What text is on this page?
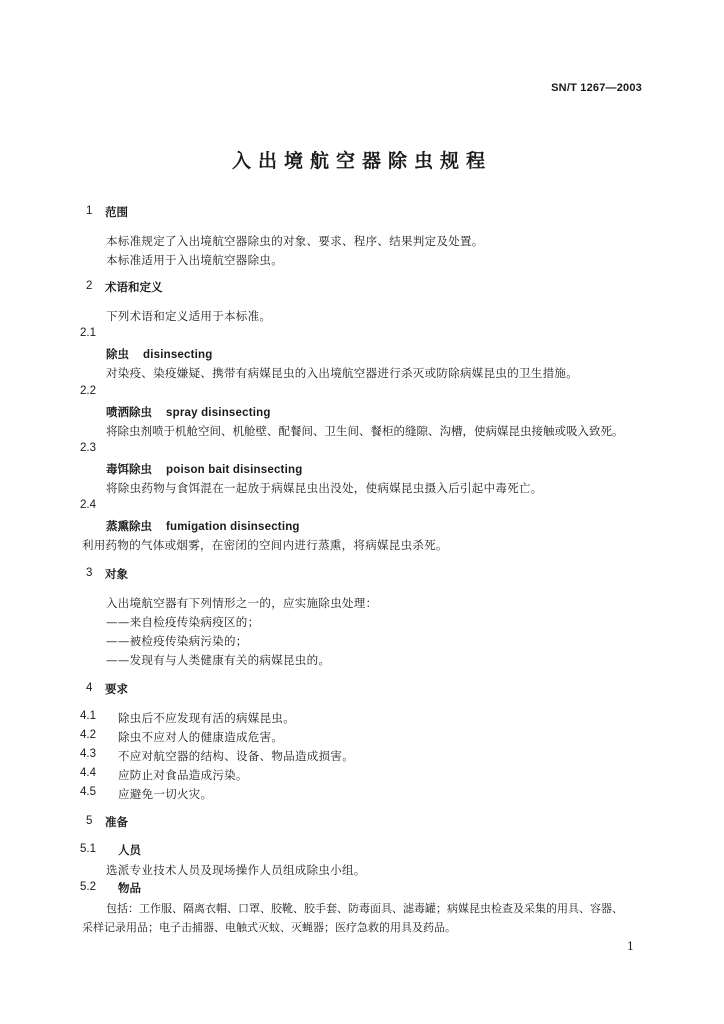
SN/T 1267—2003
入出境航空器除虫规程
1 范围
本标准规定了入出境航空器除虫的对象、要求、程序、结果判定及处置。
本标准适用于入出境航空器除虫。
2 术语和定义
下列术语和定义适用于本标准。
2.1
除虫 disinsecting
对染疫、染疫嫌疑、携带有病媒昆虫的入出境航空器进行杀灭或防除病媒昆虫的卫生措施。
2.2
喷洒除虫 spray disinsecting
将除虫剂喷于机舱空间、机舱壁、配餐间、卫生间、餐柜的缝隙、沟槽，使病媒昆虫接触或吸入致死。
2.3
毒饵除虫 poison bait disinsecting
将除虫药物与食饵混在一起放于病媒昆虫出没处，使病媒昆虫摄入后引起中毒死亡。
2.4
蒸熏除虫 fumigation disinsecting
利用药物的气体或烟雾，在密闭的空间内进行蒸熏，将病媒昆虫杀死。
3 对象
入出境航空器有下列情形之一的，应实施除虫处理：
——来自检疫传染病疫区的；
——被检疫传染病污染的；
——发现有与人类健康有关的病媒昆虫的。
4 要求
4.1 除虫后不应发现有活的病媒昆虫。
4.2 除虫不应对人的健康造成危害。
4.3 不应对航空器的结构、设备、物品造成损害。
4.4 应防止对食品造成污染。
4.5 应避免一切火灾。
5 准备
5.1 人员
选派专业技术人员及现场操作人员组成除虫小组。
5.2 物品
包括：工作服、隔离衣帽、口罩、胶靴、胶手套、防毒面具、滤毒罐；病媒昆虫检查及采集的用具、容器、
采样记录用品；电子击捕器、电触式灭蚊、灭蝇器；医疗急救的用具及药品。
1
